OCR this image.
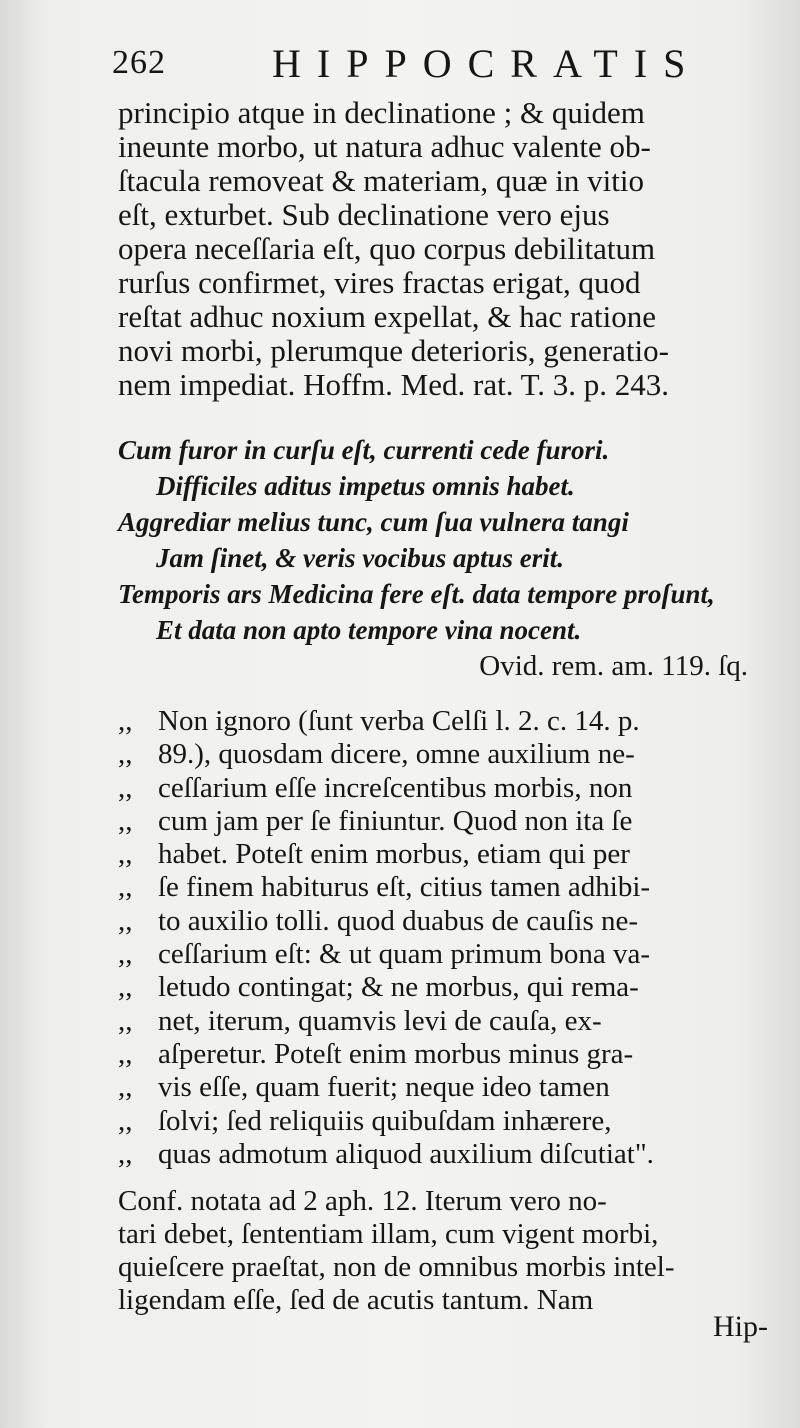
262	HIPPOCRATIS
principio atque in declinatione ; & quidem
ineunte morbo, ut natura adhuc valente ob-
ſtacula removeat & materiam, quæ in vitio
eſt, exturbet. Sub declinatione vero ejus
opera neceſſaria eſt, quo corpus debilitatum
rurſus confirmet, vires fractas erigat, quod
reſtat adhuc noxium expellat, & hac ratione
novi morbi, plerumque deterioris, generatio-
nem impediat. Hoffm. Med. rat. T. 3. p. 243.
Cum furor in curſu eſt, currenti cede furori.
Difficiles aditus impetus omnis habet.
Aggrediar melius tunc, cum ſua vulnera tangi
Jam ſinet, & veris vocibus aptus erit.
Temporis ars Medicina fere eſt. data tempore proſunt,
Et data non apto tempore vina nocent.
Ovid. rem. am. 119. ſq.
,, Non ignoro (ſunt verba Celſi l. 2. c. 14. p.
,, 89.), quosdam dicere, omne auxilium ne-
,, ceſſarium eſſe increſcentibus morbis, non
,, cum jam per ſe finiuntur. Quod non ita ſe
,, habet. Poteſt enim morbus, etiam qui per
,, ſe finem habiturus eſt, citius tamen adhibi-
,, to auxilio tolli. quod duabus de cauſis ne-
,, ceſſarium eſt: & ut quam primum bona va-
,, letudo contingat; & ne morbus, qui rema-
,, net, iterum, quamvis levi de cauſa, ex-
,, aſperetur. Poteſt enim morbus minus gra-
,, vis eſſe, quam fuerit; neque ideo tamen
,, ſolvi; ſed reliquiis quibuſdam inhærere,
,, quas admotum aliquod auxilium diſcutiat".
Conf. notata ad 2 aph. 12. Iterum vero no-
tari debet, ſententiam illam, cum vigent morbi,
quieſcere praeſtat, non de omnibus morbis intel-
ligendam eſſe, ſed de acutis tantum. Nam
Hip-
